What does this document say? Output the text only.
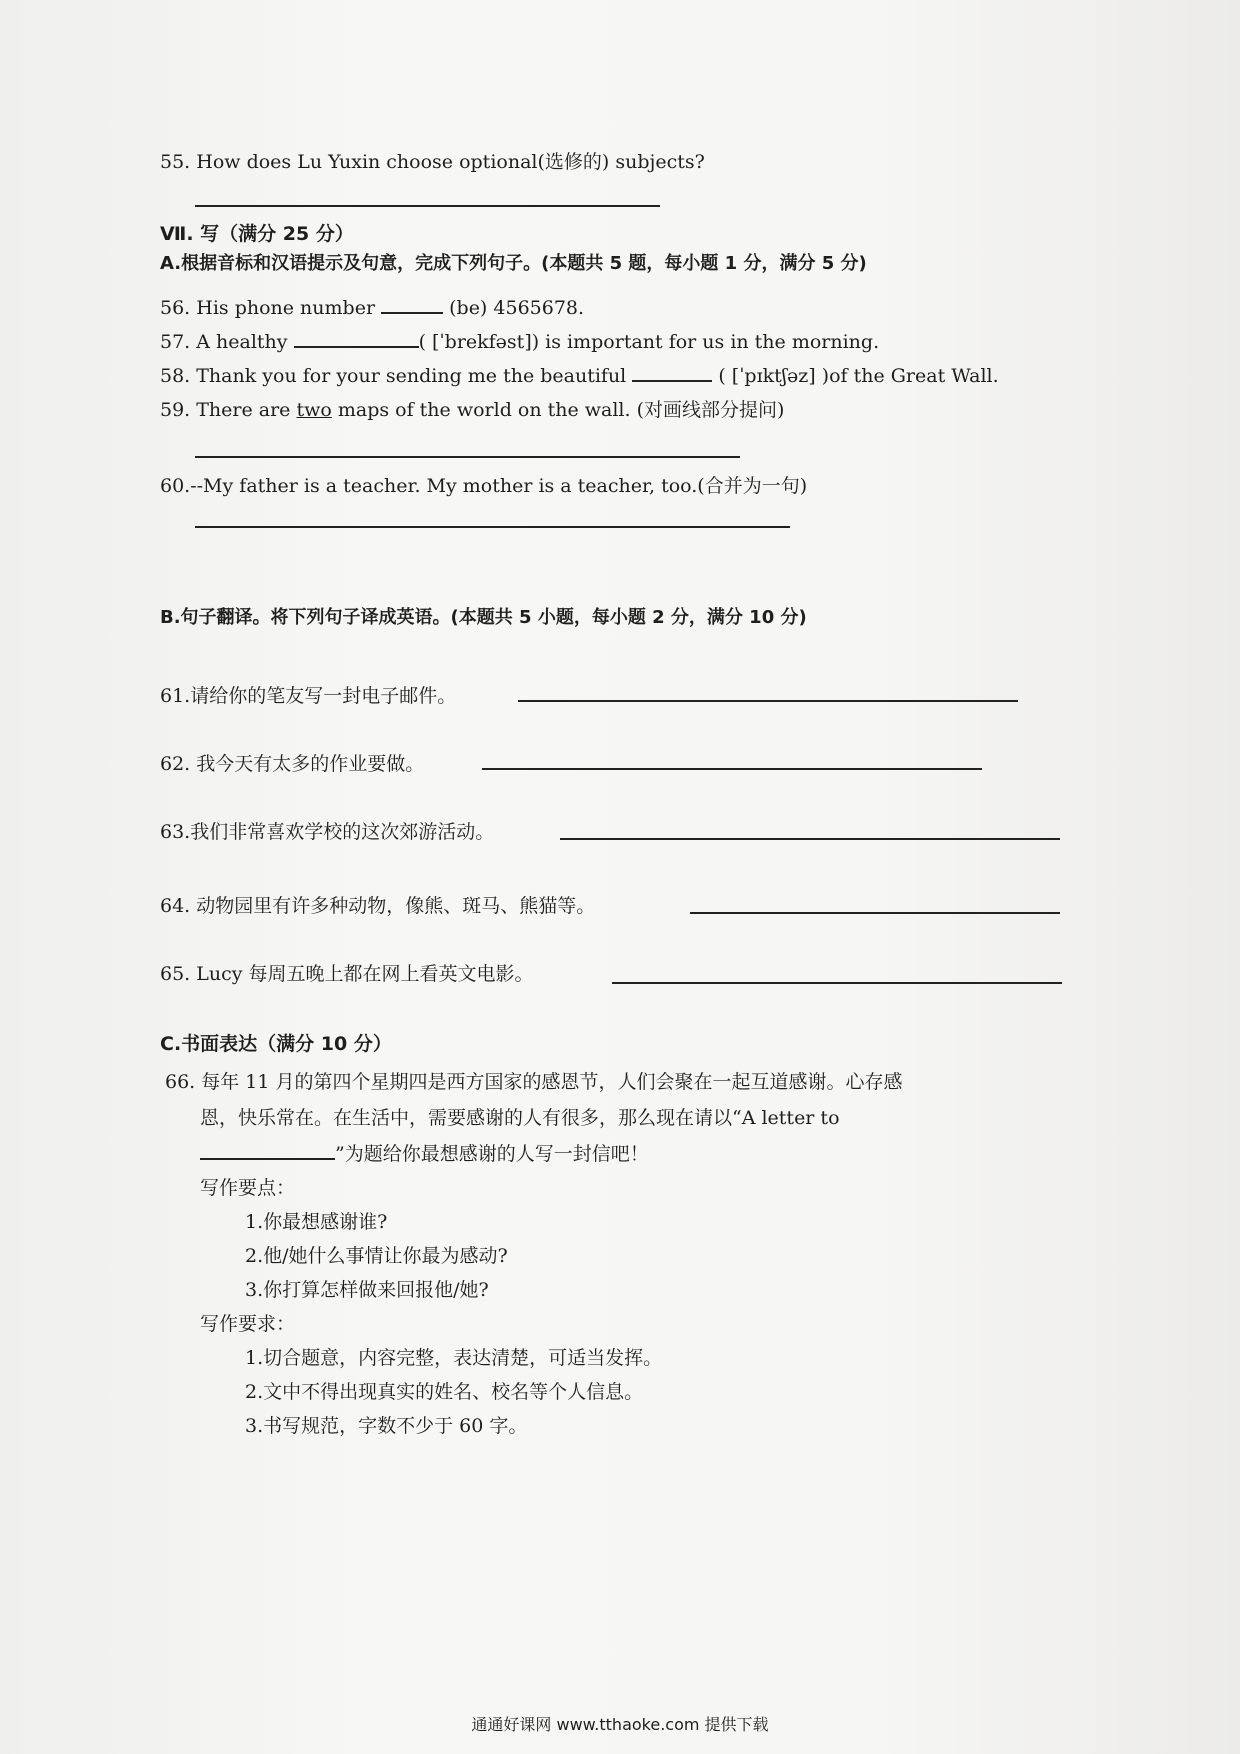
55. How does Lu Yuxin choose optional(选修的) subjects?
Ⅶ. 写（满分 25 分）
A.根据音标和汉语提示及句意，完成下列句子。(本题共 5 题，每小题 1 分，满分 5 分)
56. His phone number	(be) 4565678.
57. A healthy	( [ˈbrekfəst]) is important for us in the morning.
58. Thank you for your sending me the beautiful	( [ˈpɪktʃəz] )of the Great Wall.
59. There are two maps of the world on the wall. (对画线部分提问)
60.--My father is a teacher. My mother is a teacher, too.(合并为一句)
B.句子翻译。将下列句子译成英语。(本题共 5 小题，每小题 2 分，满分 10 分)
61.请给你的笔友写一封电子邮件。
62. 我今天有太多的作业要做。
63.我们非常喜欢学校的这次郊游活动。
64. 动物园里有许多种动物，像熊、斑马、熊猫等。
65. Lucy 每周五晚上都在网上看英文电影。
C.书面表达（满分 10 分）
66. 每年 11 月的第四个星期四是西方国家的感恩节，人们会聚在一起互道感谢。心存感
恩，快乐常在。在生活中，需要感谢的人有很多，那么现在请以“A letter to
”为题给你最想感谢的人写一封信吧！
写作要点：
1.你最想感谢谁?
2.他/她什么事情让你最为感动?
3.你打算怎样做来回报他/她?
写作要求：
1.切合题意，内容完整，表达清楚，可适当发挥。
2.文中不得出现真实的姓名、校名等个人信息。
3.书写规范，字数不少于 60 字。
通通好课网 www.tthaoke.com 提供下载
